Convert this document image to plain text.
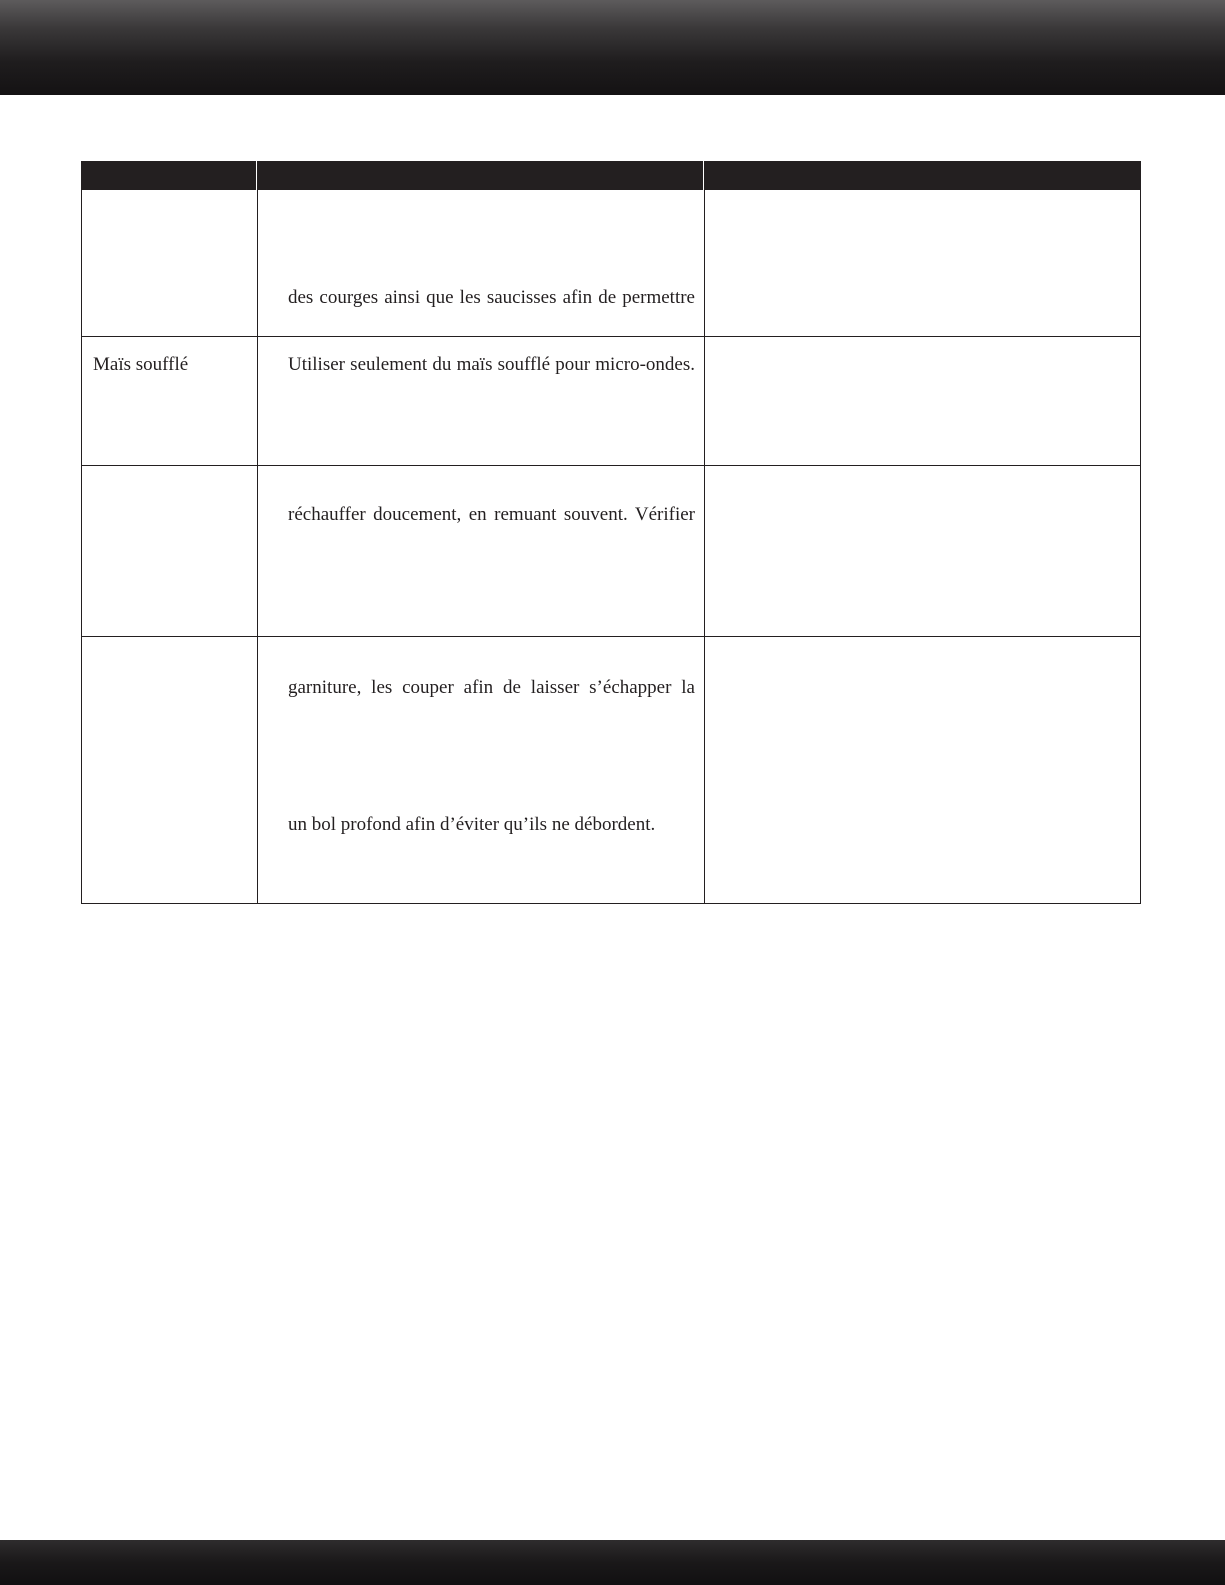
des courges ainsi que les saucisses afin de permettre
Maïs soufflé	Utiliser seulement du maïs soufflé pour micro-ondes.
réchauffer doucement, en remuant souvent. Vérifier
garniture, les couper afin de laisser s’échapper la
un bol profond afin d’éviter qu’ils ne débordent.
